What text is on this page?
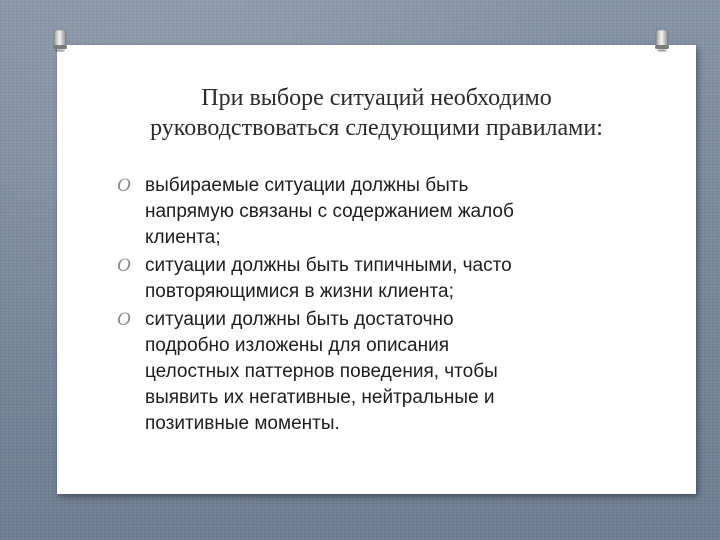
При выборе ситуаций необходимо
руководствоваться следующими правилами:
O выбираемые ситуации должны быть
напрямую связаны с содержанием жалоб
клиента;
O ситуации должны быть типичными, часто
повторяющимися в жизни клиента;
O ситуации должны быть достаточно
подробно изложены для описания
целостных паттернов поведения, чтобы
выявить их негативные, нейтральные и
позитивные моменты.
